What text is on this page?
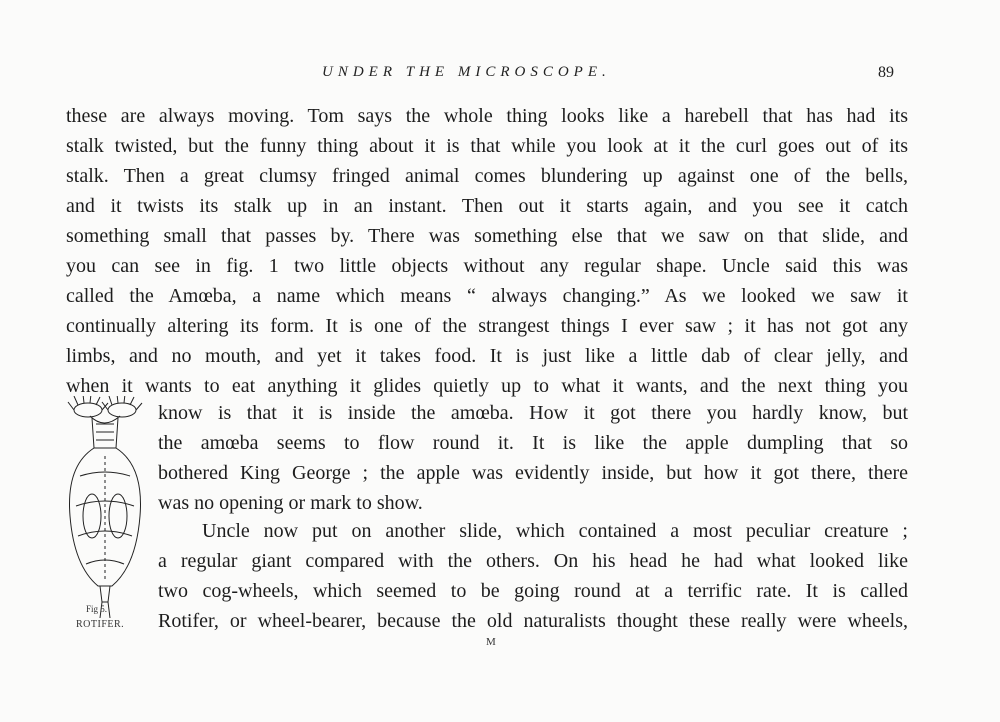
UNDER THE MICROSCOPE.	89
these are always moving. Tom says the whole thing looks like a harebell that has had its
stalk twisted, but the funny thing about it is that while you look at it the curl goes out of its
stalk. Then a great clumsy fringed animal comes blundering up against one of the bells,
and it twists its stalk up in an instant. Then out it starts again, and you see it catch
something small that passes by. There was something else that we saw on that slide, and
you can see in fig. 1 two little objects without any regular shape. Uncle said this was
called the Amœba, a name which means “ always changing.” As we looked we saw it
continually altering its form. It is one of the strangest things I ever saw ; it has not got any
limbs, and no mouth, and yet it takes food. It is just like a little dab of clear jelly, and
when it wants to eat anything it glides quietly up to what it wants, and the next thing you
know is that it is inside the amœba. How it got there you hardly know, but
the amœba seems to flow round it. It is like the apple dumpling that so
bothered King George ; the apple was evidently inside, but how it got there, there
was no opening or mark to show.
Uncle now put on another slide, which contained a most peculiar creature ;
a regular giant compared with the others. On his head he had what looked like
two cog-wheels, which seemed to be going round at a terrific rate. It is called
Rotifer, or wheel-bearer, because the old naturalists thought these really were wheels,
Fig 5.
ROTIFER.
M
